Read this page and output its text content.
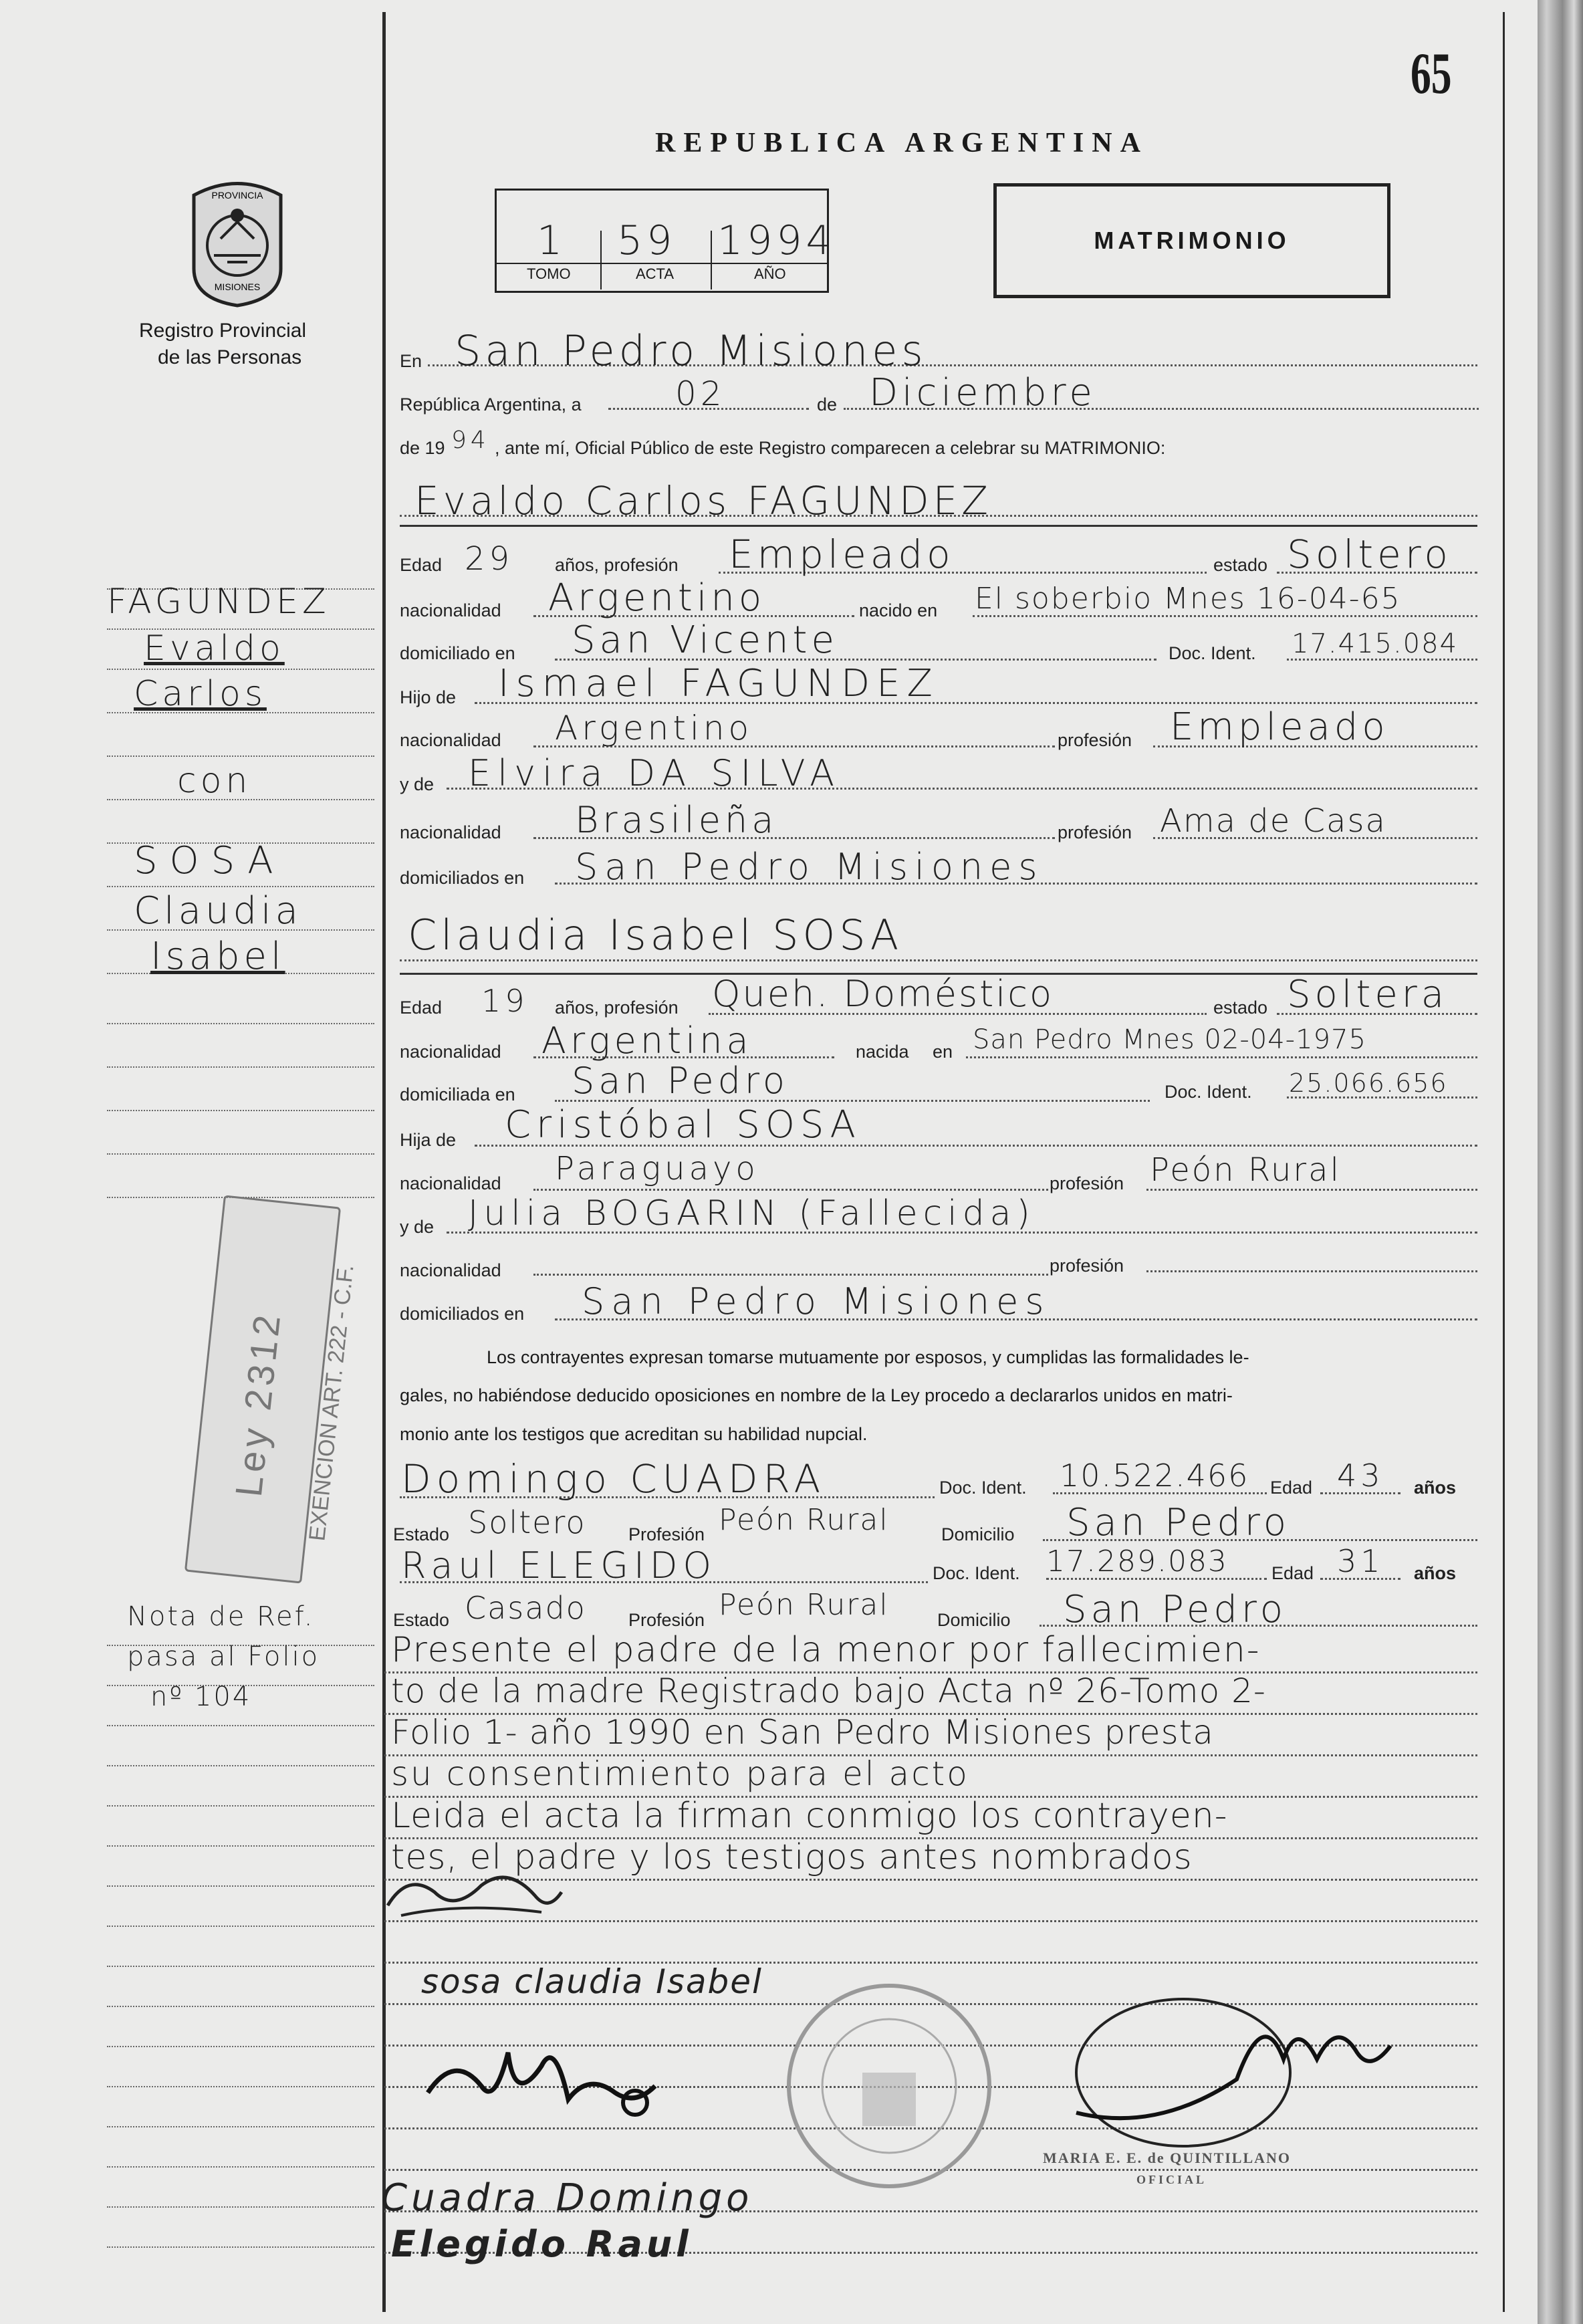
65
REPUBLICA ARGENTINA
1 59 1994
TOMO	ACTA	AÑO
MATRIMONIO
PROVINCIA
MISIONES
Registro Provincial
de las Personas
FAGUNDEZ
Evaldo
Carlos
con
SOSA
Claudia
Isabel
Ley 2312 EXENCION ART. 222 - C.F.
Nota de Ref.
pasa al Folio
nº 104
En San Pedro Misiones
República Argentina, a	02	de Diciembre
de 19 94 , ante mí, Oficial Público de este Registro comparecen a celebrar su MATRIMONIO:
Evaldo Carlos FAGUNDEZ
Edad 29 años, profesión Empleado	estado Soltero
nacionalidad Argentino	nacido en El soberbio Mnes 16-04-65
domiciliado en San Vicente	Doc. Ident. 17.415.084
Hijo de Ismael FAGUNDEZ
nacionalidad Argentino	profesión Empleado
y de Elvira DA SILVA
nacionalidad Brasileña	profesión Ama de Casa
domiciliados en San Pedro Misiones
Claudia Isabel SOSA
Edad 19 años, profesión Queh. Doméstico	estado Soltera
nacionalidad Argentina	nacida en San Pedro Mnes 02-04-1975
domiciliada en San Pedro	Doc. Ident. 25.066.656
Hija de Cristóbal SOSA
nacionalidad Paraguayo	profesión Peón Rural
y de Julia BOGARIN (Fallecida)
nacionalidad	profesión
domiciliados en San Pedro Misiones
Los contrayentes expresan tomarse mutuamente por esposos, y cumplidas las formalidades le-
gales, no habiéndose deducido oposiciones en nombre de la Ley procedo a declararlos unidos en matri-
monio ante los testigos que acreditan su habilidad nupcial.
Domingo CUADRA	Doc. Ident. 10.522.466 Edad 43 años
Estado Soltero Profesión Peón Rural	Domicilio San Pedro
Raul ELEGIDO	Doc. Ident. 17.289.083 Edad 31 años
Estado Casado Profesión Peón Rural	Domicilio San Pedro
Presente el padre de la menor por fallecimien-
to de la madre Registrado bajo Acta nº 26-Tomo 2-
Folio 1- año 1990 en San Pedro Misiones presta
su consentimiento para el acto
Leida el acta la firman conmigo los contrayen-
tes, el padre y los testigos antes nombrados
sosa claudia Isabel
MARIA E. E. de QUINTILLANO
OFICIAL
Cuadra Domingo
Elegido Raul
